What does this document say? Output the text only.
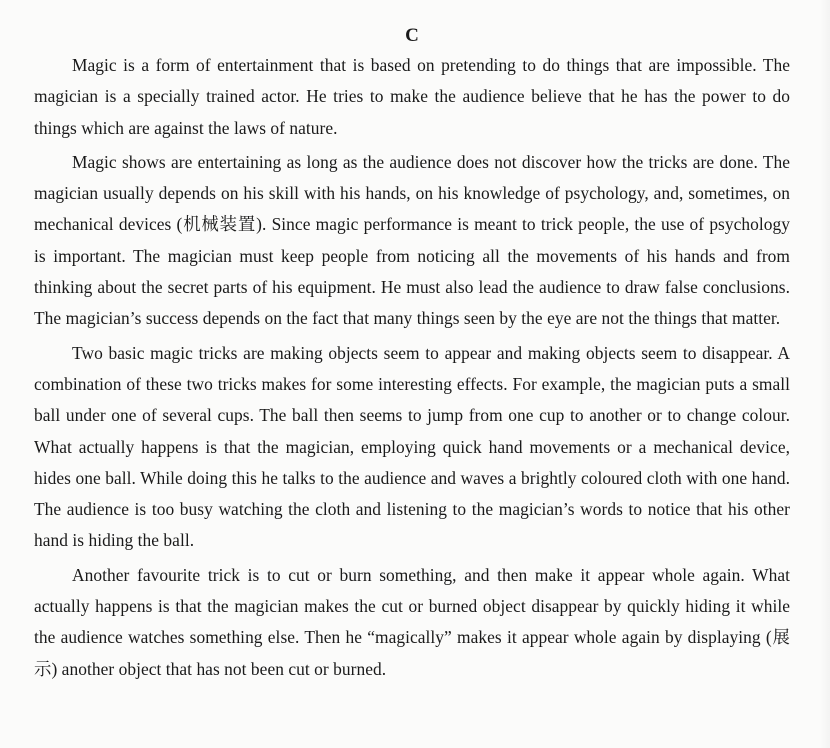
C

Magic is a form of entertainment that is based on pretending to do things that are impossible. The magician is a specially trained actor. He tries to make the audience believe that he has the power to do things which are against the laws of nature.

Magic shows are entertaining as long as the audience does not discover how the tricks are done. The magician usually depends on his skill with his hands, on his knowledge of psychology, and, sometimes, on mechanical devices (机械装置). Since magic performance is meant to trick people, the use of psychology is important. The magician must keep people from noticing all the movements of his hands and from thinking about the secret parts of his equipment. He must also lead the audience to draw false conclusions. The magician’s success depends on the fact that many things seen by the eye are not the things that matter.

Two basic magic tricks are making objects seem to appear and making objects seem to disappear. A combination of these two tricks makes for some interesting effects. For example, the magician puts a small ball under one of several cups. The ball then seems to jump from one cup to another or to change colour. What actually happens is that the magician, employing quick hand movements or a mechanical device, hides one ball. While doing this he talks to the audience and waves a brightly coloured cloth with one hand. The audience is too busy watching the cloth and listening to the magician’s words to notice that his other hand is hiding the ball.

Another favourite trick is to cut or burn something, and then make it appear whole again. What actually happens is that the magician makes the cut or burned object disappear by quickly hiding it while the audience watches something else. Then he “magically” makes it appear whole again by displaying (展示) another object that has not been cut or burned.
